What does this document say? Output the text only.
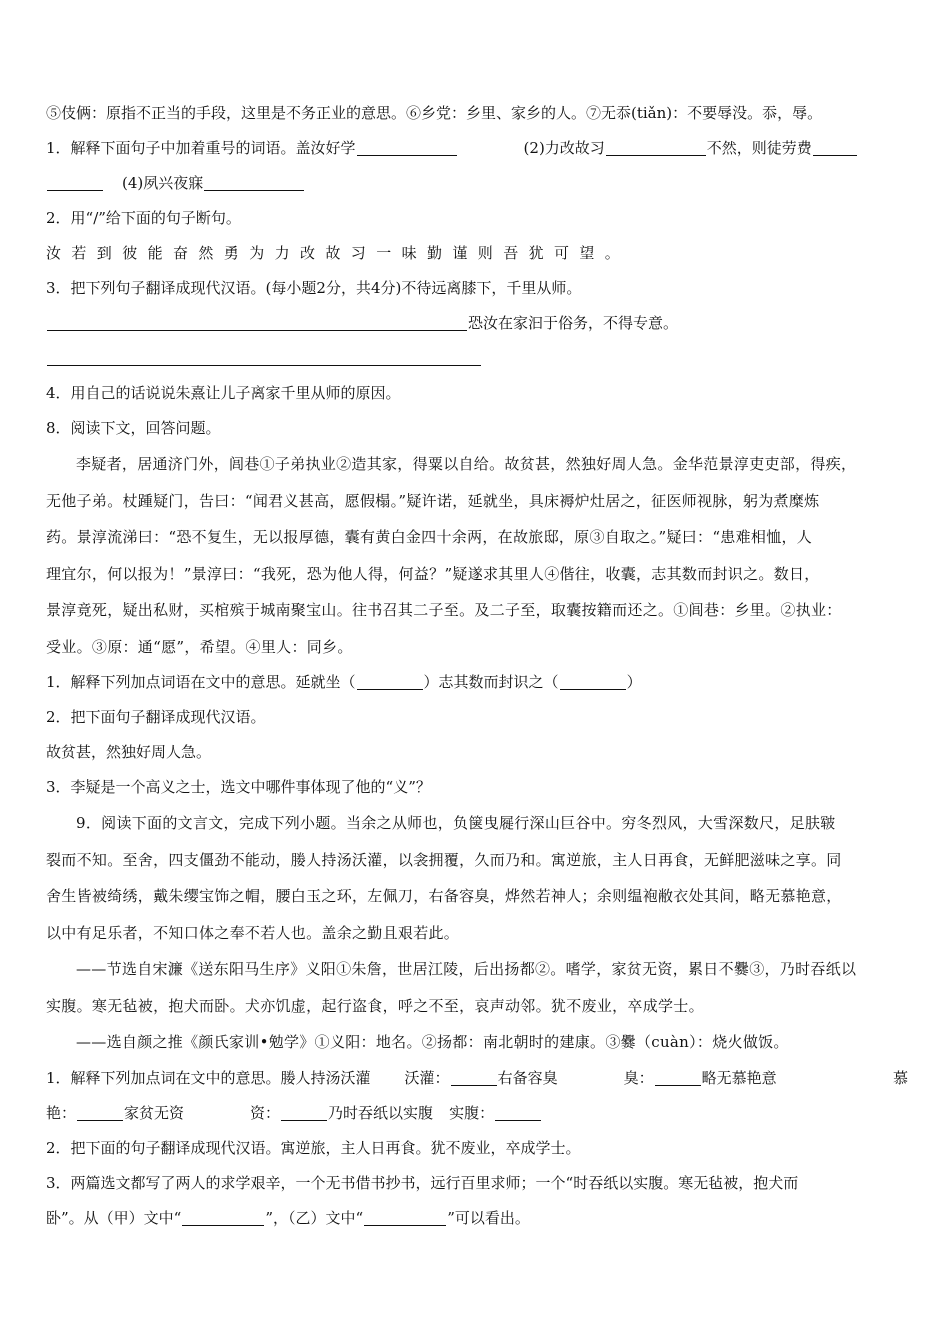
⑤伎俩：原指不正当的手段，这里是不务正业的意思。⑥乡党：乡里、家乡的人。⑦无忝(tiǎn)：不要辱没。忝，辱。
1．解释下面句子中加着重号的词语。盖汝好学	(2)力改故习	不然，则徒劳费
(4)夙兴夜寐
2．用“/”给下面的句子断句。
汝若到彼能奋然勇为力改故习一味勤谨则吾犹可望。
3．把下列句子翻译成现代汉语。(每小题2分，共4分)不待远离膝下，千里从师。
恐汝在家汩于俗务，不得专意。
4．用自己的话说说朱熹让儿子离家千里从师的原因。
8．阅读下文，回答问题。
李疑者，居通济门外，闾巷①子弟执业②造其家，得粟以自给。故贫甚，然独好周人急。金华范景淳吏吏部，得疾，
无他子弟。杖踵疑门，告曰：“闻君义甚高，愿假榻。”疑许诺，延就坐，具床褥炉灶居之，征医师视脉，躬为煮糜炼
药。景淳流涕曰：“恐不复生，无以报厚德，囊有黄白金四十余两，在故旅邸，原③自取之。”疑曰：“患难相恤，人
理宜尔，何以报为！”景淳曰：“我死，恐为他人得，何益？”疑遂求其里人④偕往，收囊，志其数而封识之。数日，
景淳竟死，疑出私财，买棺殡于城南聚宝山。往书召其二子至。及二子至，取囊按籍而还之。①闾巷：乡里。②执业：
受业。③原：通“愿”，希望。④里人：同乡。
1．解释下列加点词语在文中的意思。延就坐（	）志其数而封识之（	）
2．把下面句子翻译成现代汉语。
故贫甚，然独好周人急。
3．李疑是一个高义之士，选文中哪件事体现了他的“义”？
9．阅读下面的文言文，完成下列小题。当余之从师也，负箧曳屣行深山巨谷中。穷冬烈风，大雪深数尺，足肤皲
裂而不知。至舍，四支僵劲不能动，媵人持汤沃灌，以衾拥覆，久而乃和。寓逆旅，主人日再食，无鲜肥滋味之享。同
舍生皆被绮绣，戴朱缨宝饰之帽，腰白玉之环，左佩刀，右备容臭，烨然若神人；余则缊袍敝衣处其间，略无慕艳意，
以中有足乐者，不知口体之奉不若人也。盖余之勤且艰若此。
——节选自宋濂《送东阳马生序》义阳①朱詹，世居江陵，后出扬都②。嗜学，家贫无资，累日不爨③，乃时吞纸以
实腹。寒无毡被，抱犬而卧。犬亦饥虚，起行盗食，呼之不至，哀声动邻。犹不废业，卒成学士。
——选自颜之推《颜氏家训•勉学》①义阳：地名。②扬都：南北朝时的建康。③爨（cuàn）：烧火做饭。
1．解释下列加点词在文中的意思。媵人持汤沃灌 沃灌：	右备容臭	臭：	略无慕艳意	慕
艳：	家贫无资	资：	乃时吞纸以实腹 实腹：
2．把下面的句子翻译成现代汉语。寓逆旅，主人日再食。犹不废业，卒成学士。
3．两篇选文都写了两人的求学艰辛，一个无书借书抄书，远行百里求师；一个“时吞纸以实腹。寒无毡被，抱犬而
卧”。从（甲）文中“	”，（乙）文中“	”可以看出。
